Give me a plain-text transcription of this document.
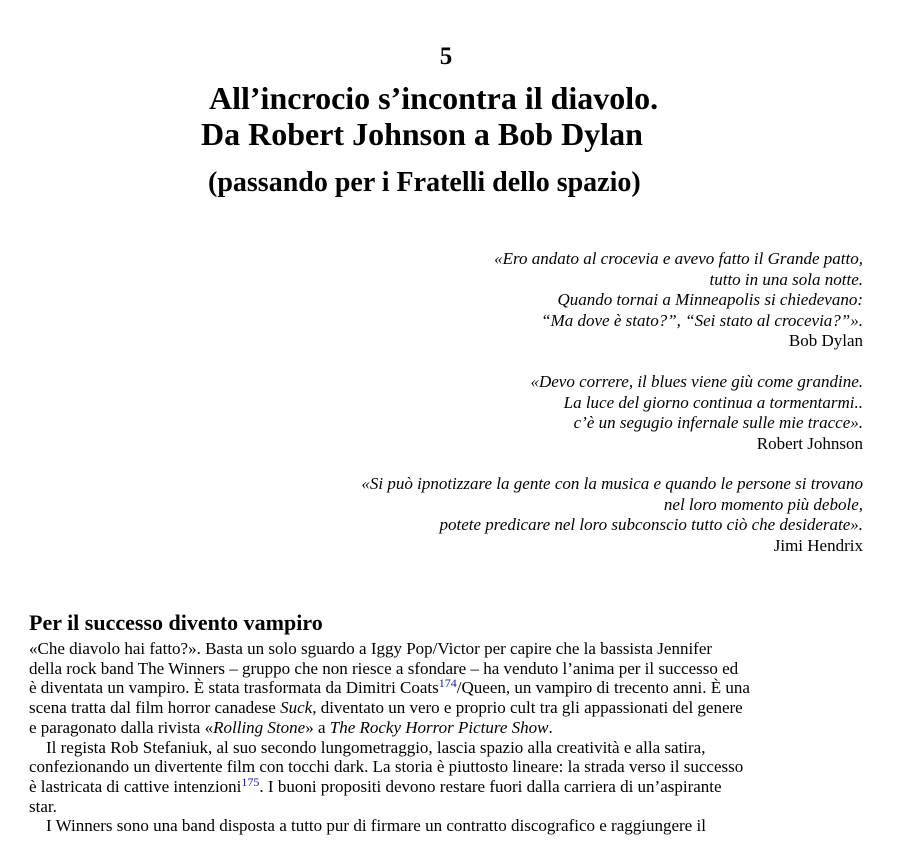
5
All’incrocio s’incontra il diavolo.
Da Robert Johnson a Bob Dylan
(passando per i Fratelli dello spazio)
«Ero andato al crocevia e avevo fatto il Grande patto,
tutto in una sola notte.
Quando tornai a Minneapolis si chiedevano:
“Ma dove è stato?”, “Sei stato al crocevia?”».
Bob Dylan
«Devo correre, il blues viene giù come grandine.
La luce del giorno continua a tormentarmi..
c’è un segugio infernale sulle mie tracce».
Robert Johnson
«Si può ipnotizzare la gente con la musica e quando le persone si trovano
nel loro momento più debole,
potete predicare nel loro subconscio tutto ciò che desiderate».
Jimi Hendrix
Per il successo divento vampiro
«Che diavolo hai fatto?». Basta un solo sguardo a Iggy Pop/Victor per capire che la bassista Jennifer
della rock band The Winners – gruppo che non riesce a sfondare – ha venduto l’anima per il successo ed
è diventata un vampiro. È stata trasformata da Dimitri Coats$^{174}$/Queen, un vampiro di trecento anni. È una
scena tratta dal film horror canadese Suck, diventato un vero e proprio cult tra gli appassionati del genere
e paragonato dalla rivista «Rolling Stone» a The Rocky Horror Picture Show.
Il regista Rob Stefaniuk, al suo secondo lungometraggio, lascia spazio alla creatività e alla satira,
confezionando un divertente film con tocchi dark. La storia è piuttosto lineare: la strada verso il successo
è lastricata di cattive intenzioni$^{175}$. I buoni propositi devono restare fuori dalla carriera di un’aspirante
star.
I Winners sono una band disposta a tutto pur di firmare un contratto discografico e raggiungere il
